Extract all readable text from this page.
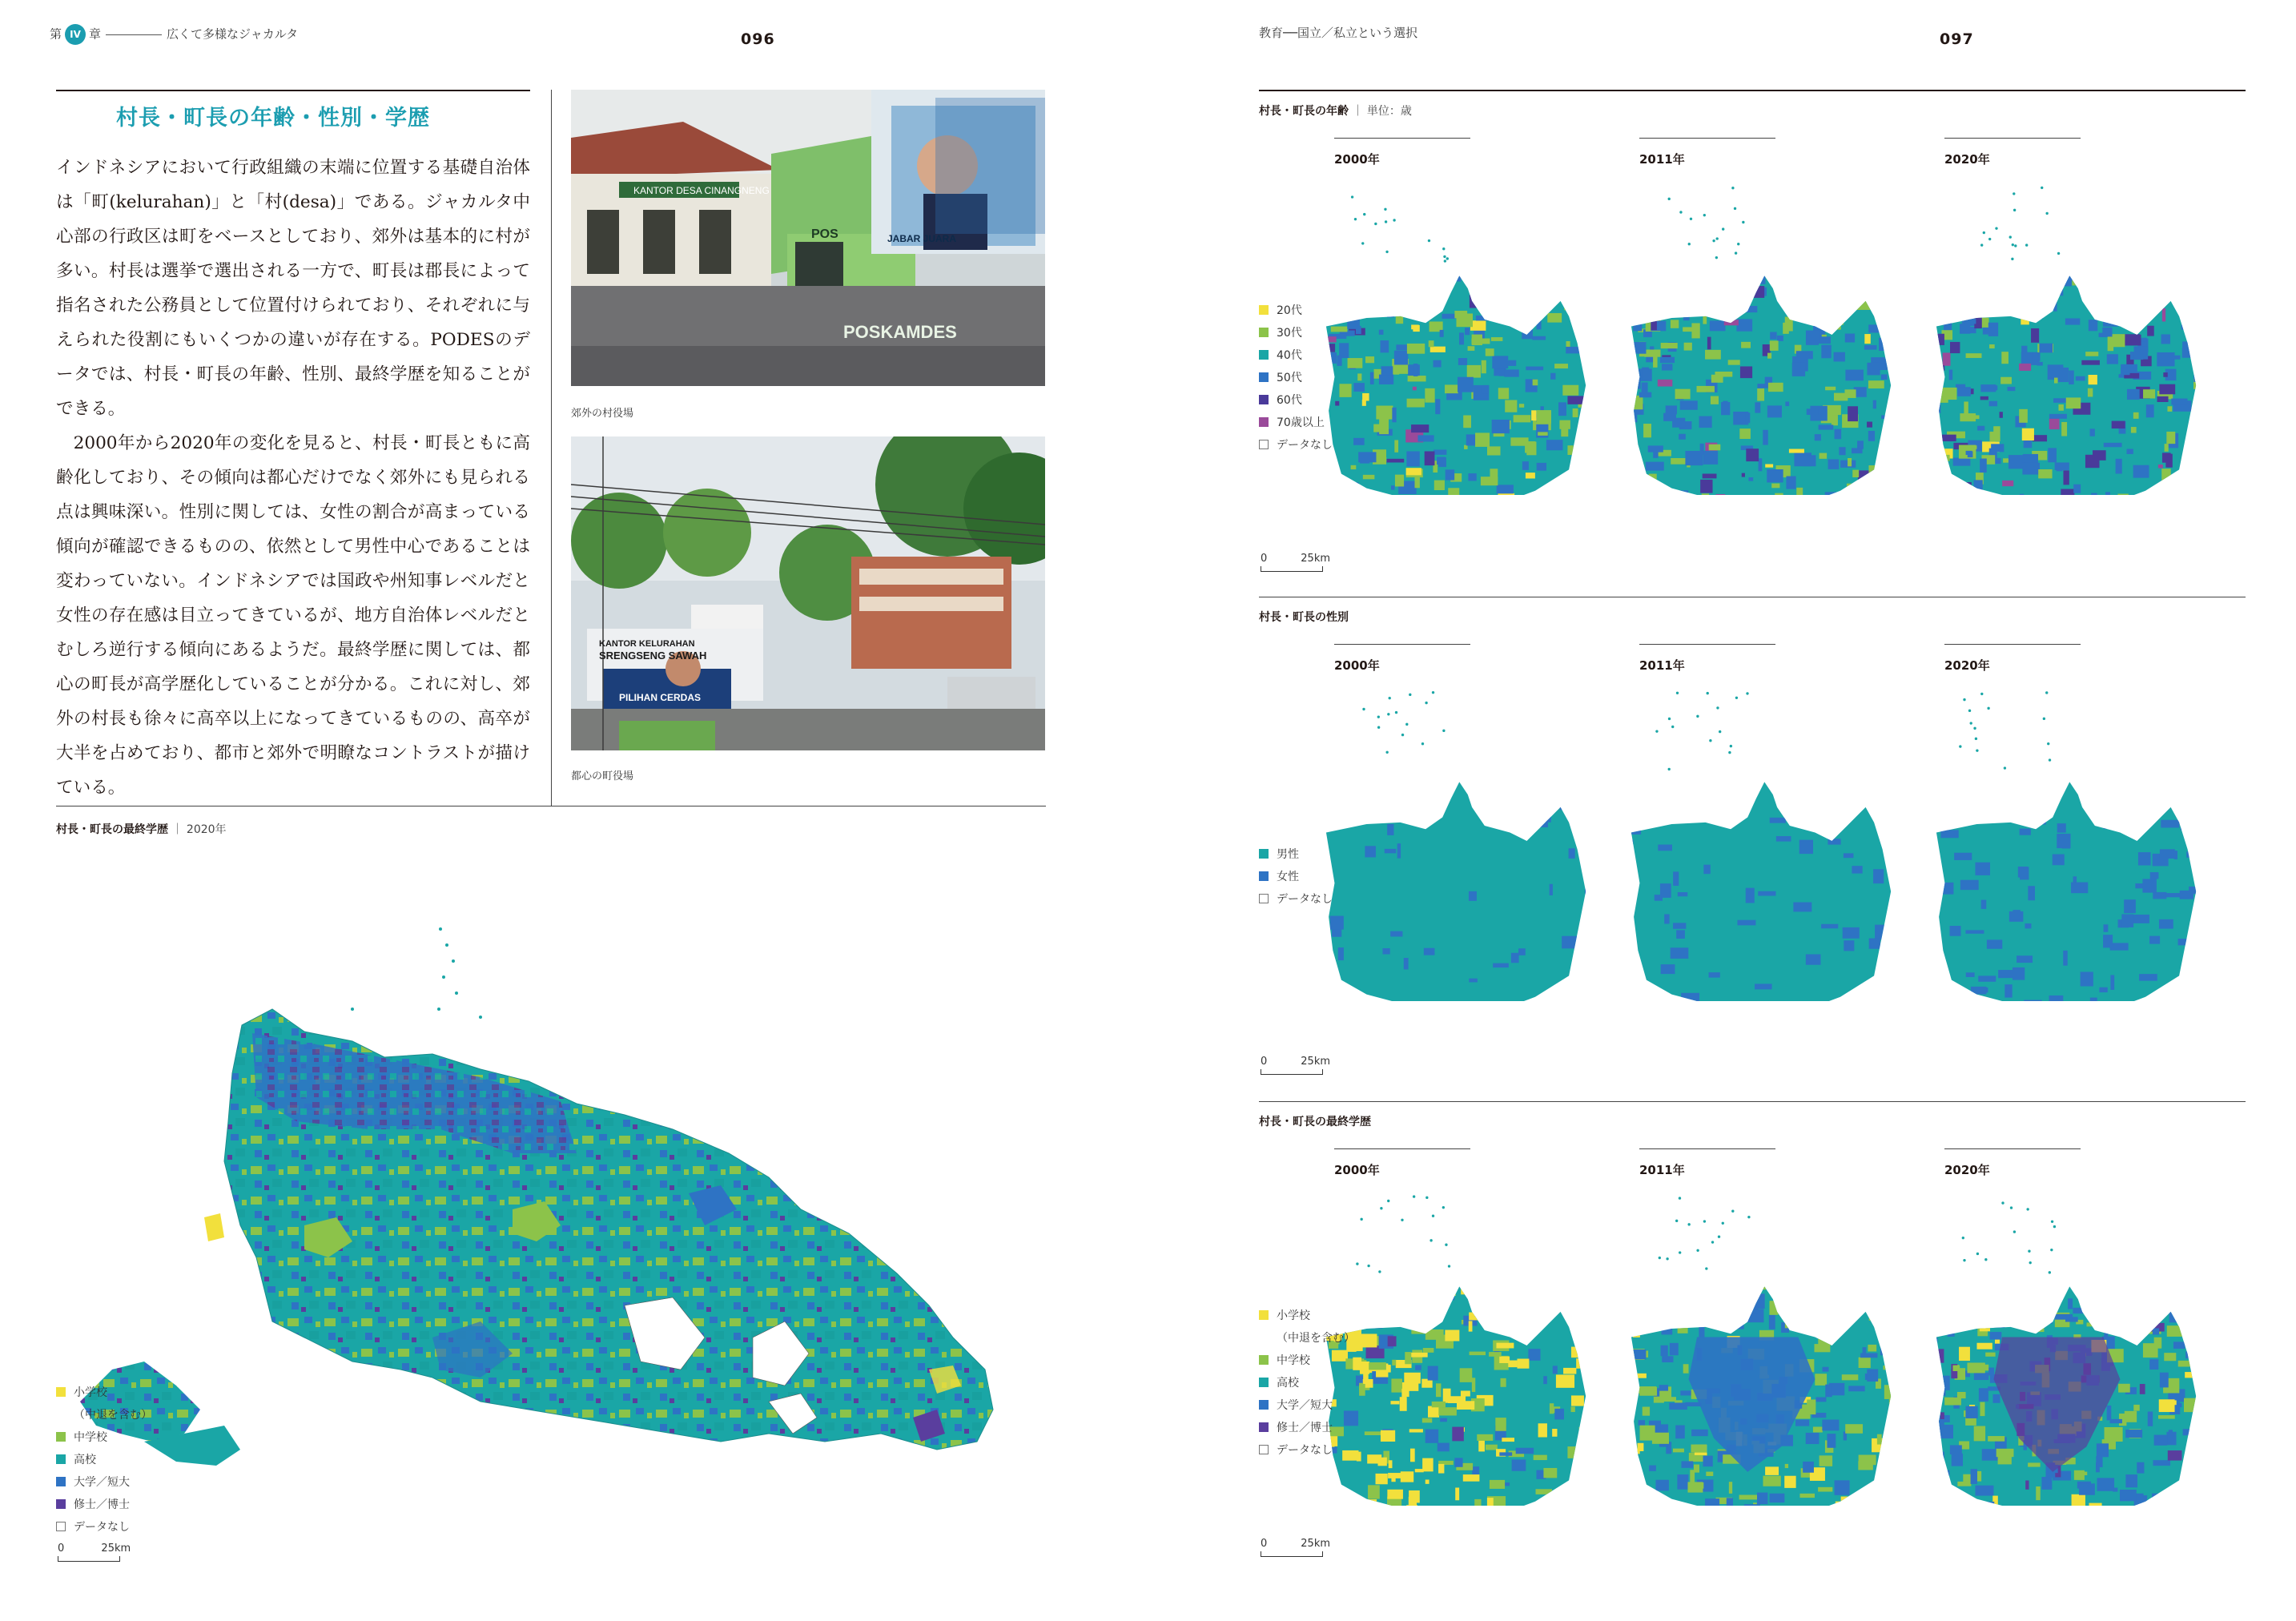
第 IV 章	広くて多様なジャカルタ	096
村長・町長の年齢・性別・学歴

インドネシアにおいて行政組織の末端に位置する基礎自治体は「町(kelurahan)」と「村(desa)」である。ジャカルタ中心部の行政区は町をベースとしており、郊外は基本的に村が多い。村長は選挙で選出される一方で、町長は郡長によって指名された公務員として位置付けられており、それぞれに与えられた役割にもいくつかの違いが存在する。PODESのデータでは、村長・町長の年齢、性別、最終学歴を知ることができる。

2000年から2020年の変化を見ると、村長・町長ともに高齢化しており、その傾向は都心だけでなく郊外にも見られる点は興味深い。性別に関しては、女性の割合が高まっている傾向が確認できるものの、依然として男性中心であることは変わっていない。インドネシアでは国政や州知事レベルだと女性の存在感は目立ってきているが、地方自治体レベルだとむしろ逆行する傾向にあるようだ。最終学歴に関しては、都心の町長が高学歴化していることが分かる。これに対し、郊外の村長も徐々に高卒以上になってきているものの、高卒が大半を占めており、都市と郊外で明瞭なコントラストが描けている。

KANTOR DESA CINANGNENG
POS
POSKAMDES
JABAR JUARA
郊外の村役場
KANTOR KELURAHAN
SRENGSENG SAWAH
PILIHAN CERDAS
都心の町役場
村長・町長の最終学歴 ｜ 2020年
小学校
（中退を含む）
中学校
高校
大学／短大
修士／博士
データなし
0	25km
教育──国立／私立という選択	097
村長・町長の年齢 ｜ 単位：歳
2000年	2011年	2020年
20代
30代
40代
50代
60代
70歳以上
データなし
0	25km
村長・町長の性別
2000年	2011年	2020年
男性
女性
データなし
0	25km
村長・町長の最終学歴
2000年	2011年	2020年
小学校
（中退を含む）
中学校
高校
大学／短大
修士／博士
データなし
0	25km
